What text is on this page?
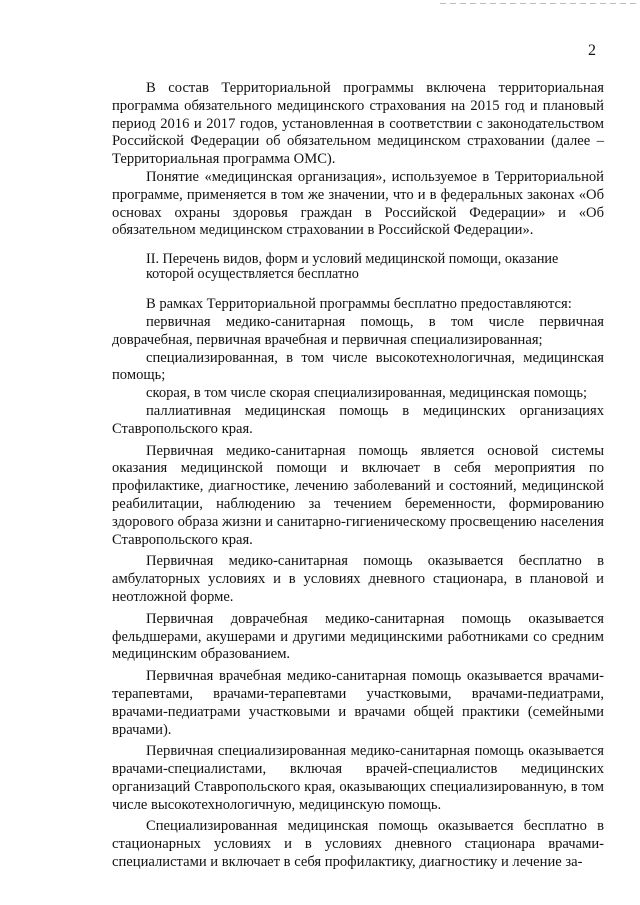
2

В состав Территориальной программы включена территориальная программа обязательного медицинского страхования на 2015 год и плановый период 2016 и 2017 годов, установленная в соответствии с законодательством Российской Федерации об обязательном медицинском страховании (далее – Территориальная программа ОМС).

Понятие «медицинская организация», используемое в Территориальной программе, применяется в том же значении, что и в федеральных законах «Об основах охраны здоровья граждан в Российской Федерации» и «Об обязательном медицинском страховании в Российской Федерации».

II. Перечень видов, форм и условий медицинской помощи, оказание которой осуществляется бесплатно

В рамках Территориальной программы бесплатно предоставляются:

первичная медико-санитарная помощь, в том числе первичная доврачебная, первичная врачебная и первичная специализированная;

специализированная, в том числе высокотехнологичная, медицинская помощь;

скорая, в том числе скорая специализированная, медицинская помощь;

паллиативная медицинская помощь в медицинских организациях Ставропольского края.

Первичная медико-санитарная помощь является основой системы оказания медицинской помощи и включает в себя мероприятия по профилактике, диагностике, лечению заболеваний и состояний, медицинской реабилитации, наблюдению за течением беременности, формированию здорового образа жизни и санитарно-гигиеническому просвещению населения Ставропольского края.

Первичная медико-санитарная помощь оказывается бесплатно в амбулаторных условиях и в условиях дневного стационара, в плановой и неотложной форме.

Первичная доврачебная медико-санитарная помощь оказывается фельдшерами, акушерами и другими медицинскими работниками со средним медицинским образованием.

Первичная врачебная медико-санитарная помощь оказывается врачами-терапевтами, врачами-терапевтами участковыми, врачами-педиатрами, врачами-педиатрами участковыми и врачами общей практики (семейными врачами).

Первичная специализированная медико-санитарная помощь оказывается врачами-специалистами, включая врачей-специалистов медицинских организаций Ставропольского края, оказывающих специализированную, в том числе высокотехнологичную, медицинскую помощь.

Специализированная медицинская помощь оказывается бесплатно в стационарных условиях и в условиях дневного стационара врачами-специалистами и включает в себя профилактику, диагностику и лечение за-
